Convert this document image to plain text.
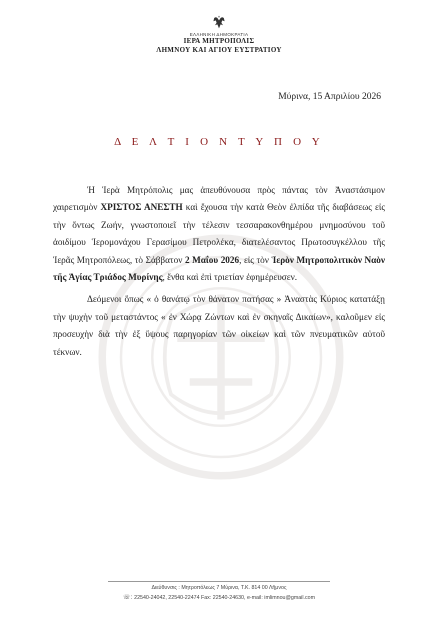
ΕΛΛΗΝΙΚΗ ΔΗΜΟΚΡΑΤΙΑ
ΙΕΡΑ ΜΗΤΡΟΠΟΛΙΣ
ΛΗΜΝΟΥ ΚΑΙ ΑΓΙΟΥ ΕΥΣΤΡΑΤΙΟΥ
Μύρινα, 15 Απριλίου 2026
Δ Ε Λ Τ Ι Ο Ν Τ Υ Π Ο Υ

Ἡ Ἱερὰ Μητρόπολις μας ἀπευθύνουσα πρὸς πάντας τὸν Ἀναστάσιμον χαιρετισμὸν ΧΡΙΣΤΟΣ ΑΝΕΣΤΗ καὶ ἔχουσα τὴν κατὰ Θεὸν ἐλπίδα τῆς διαβάσεως εἰς τὴν ὄντως Ζωήν, γνωστοποιεῖ τὴν τέλεσιν τεσσαρακονθημέρου μνημοσύνου τοῦ ἀοιδίμου Ἱερομονάχου Γερασίμου Πετρολέκα, διατελέσαντος Πρωτοσυγκέλλου τῆς Ἱερᾶς Μητροπόλεως, τὸ Σάββατον 2 Μαΐου 2026, εἰς τὸν Ἱερὸν Μητροπολιτικὸν Ναὸν τῆς Ἁγίας Τριάδος Μυρίνης, ἔνθα καὶ ἐπὶ τριετίαν ἐφημέρευσεν.

Δεόμενοι ὅπως « ὁ θανάτῳ τὸν θάνατον πατήσας » Ἀναστὰς Κύριος κατατάξῃ τὴν ψυχὴν τοῦ μεταστάντος « ἐν Χώρᾳ Ζώντων καὶ ἐν σκηναῖς Δικαίων», καλοῦμεν εἰς προσευχὴν διὰ τὴν ἐξ ὕψους παρηγορίαν τῶν οἰκείων καὶ τῶν πνευματικῶν αὐτοῦ τέκνων.

Διεύθυνσις : Μητροπόλεως 7 Μύρινα, Τ.Κ. 814 00 Λῆμνος
☏: 22540-24042, 22540-22474 Fax: 22540-24630, e-mail: imlimnou@gmail.com
